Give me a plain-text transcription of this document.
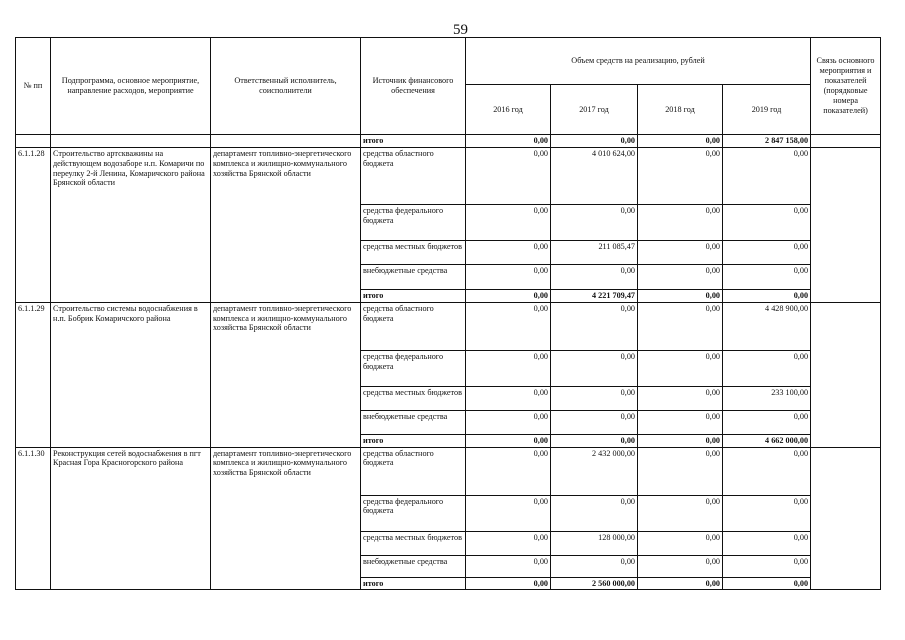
59
№ пп	Подпрограмма, основное мероприятие, направление расходов, мероприятие	Ответственный исполнитель, соисполнители	Источник финансового обеспечения	Объем средств на реализацию, рублей				Связь основного мероприятия и показателей (порядковые номера показателей)
				2016 год	2017 год	2018 год	2019 год	
			итого	0,00	0,00	0,00	2 847 158,00	
6.1.1.28	Строительство артскважины на действующем водозаборе н.п. Комаричи по переулку 2-й Ленина, Комаричского района Брянской области	департамент топливно-энергетического комплекса и жилищно-коммунального хозяйства Брянской области	средства областного бюджета	0,00	4 010 624,00	0,00	0,00	
			средства федерального бюджета	0,00	0,00	0,00	0,00	
			средства местных бюджетов	0,00	211 085,47	0,00	0,00	
			внебюджетные средства	0,00	0,00	0,00	0,00	
			итого	0,00	4 221 709,47	0,00	0,00	
6.1.1.29	Строительство системы водоснабжения в н.п. Бобрик Комаричского района	департамент топливно-энергетического комплекса и жилищно-коммунального хозяйства Брянской области	средства областного бюджета	0,00	0,00	0,00	4 428 900,00	
			средства федерального бюджета	0,00	0,00	0,00	0,00	
			средства местных бюджетов	0,00	0,00	0,00	233 100,00	
			внебюджетные средства	0,00	0,00	0,00	0,00	
			итого	0,00	0,00	0,00	4 662 000,00	
6.1.1.30	Реконструкция сетей водоснабжения в пгт Красная Гора Красногорского района	департамент топливно-энергетического комплекса и жилищно-коммунального хозяйства Брянской области	средства областного бюджета	0,00	2 432 000,00	0,00	0,00	
			средства федерального бюджета	0,00	0,00	0,00	0,00	
			средства местных бюджетов	0,00	128 000,00	0,00	0,00	
			внебюджетные средства	0,00	0,00	0,00	0,00	
			итого	0,00	2 560 000,00	0,00	0,00	
